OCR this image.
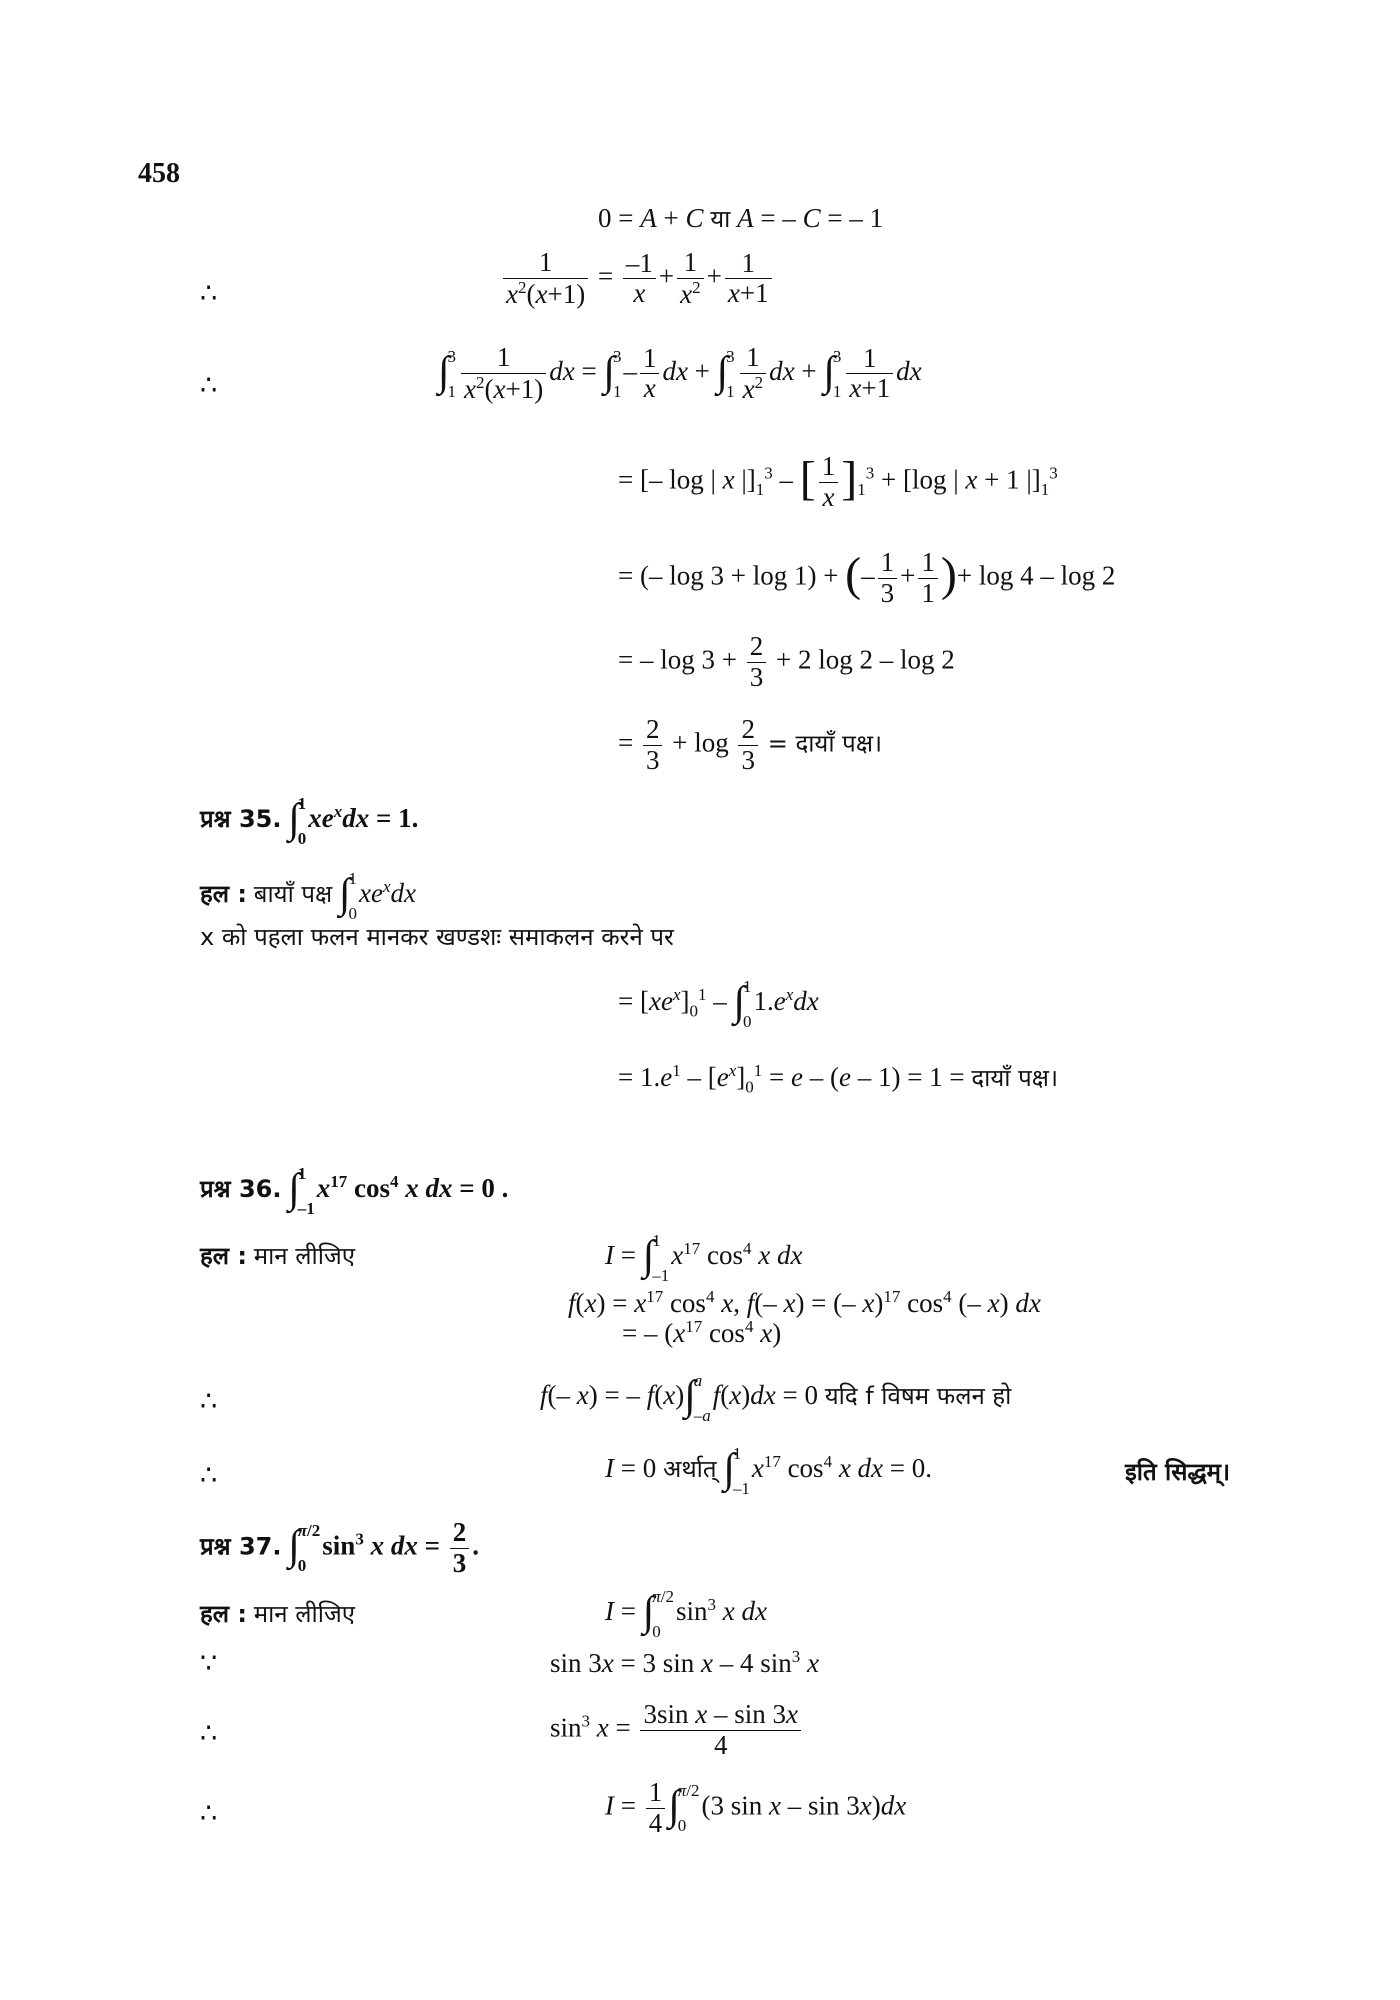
458
0 = A + C या A = – C = – 1
∴	$\frac{1}{x^2(x+1)} = \frac{-1}{x} + \frac{1}{x^2} + \frac{1}{x+1}$
∴	∫
3
$1 \frac{1}{x^2(x+1)}$ dx = ∫
3
1
– $\frac{1}{x}$ dx + ∫
3
$1 \frac{1}{x^2}$ dx + ∫
3
$1 \frac{1}{x+1}$ dx
= [– log | x $|]_1^3$ – [ $\frac{1}{x} ]_1^3 + [\log$ | x + 1 $|]_1^3$
= (– log 3 + log 1) + (– $\frac{1}{3} + \frac{1}{1}$ )+ log 4 – log 2
= – $\log 3 + \frac{2}{3} + 2$ log 2 – log 2
= $\frac{2}{3} + \log \frac{2}{3}$ = दायाँ पक्ष।
प्रश्न 35. ∫
1
0
$xe^xdx = 1$.
हल : बायाँ पक्ष ∫
1
0
$xe^xdx$
x को पहला फलन मानकर खण्डशः समाकलन करने पर
= $[xe^x]_0^1$ – ∫
1
0
$1.e^xdx$
= $1.e^1 - [e^x]_0^1 = e - (e - 1) = 1$ = दायाँ पक्ष।
प्रश्न 36. ∫
1
–1
$x^{17}$ $\cos^4 x$ dx = 0 .
हल : मान लीजिए	I = ∫
1
–1
$x^{17}$ $\cos^4 x$ dx
$f(x) = x^{17}$ $\cos^4 x$, f(– x) = (– x)$^{17}$ $\cos^4$ (– x) dx
= – ($x^{17}$ $\cos^4 x$)
∴	f(– x) = – f(x)∫
a
–a
f(x)dx = 0 यदि f विषम फलन हो
∴	I = 0 अर्थात् ∫
1
–1
$x^{17}$ $\cos^4 x$ dx = 0.	इति सिद्धम्।
प्रश्न 37. ∫
π/2
0
$\sin^3 x$ dx = $\frac{2}{3}$ .
हल : मान लीजिए	I = ∫
π/2
0
$\sin^3 x$ dx
∵	sin 3x = 3 sin x – 4 $\sin^3 x$
∴	$\sin^3 x = \frac{\text{3sin x – sin 3x}}{4}$
∴	$I = \frac{1}{4}$ ∫
π/2
0
(3 sin x – sin 3x)dx
